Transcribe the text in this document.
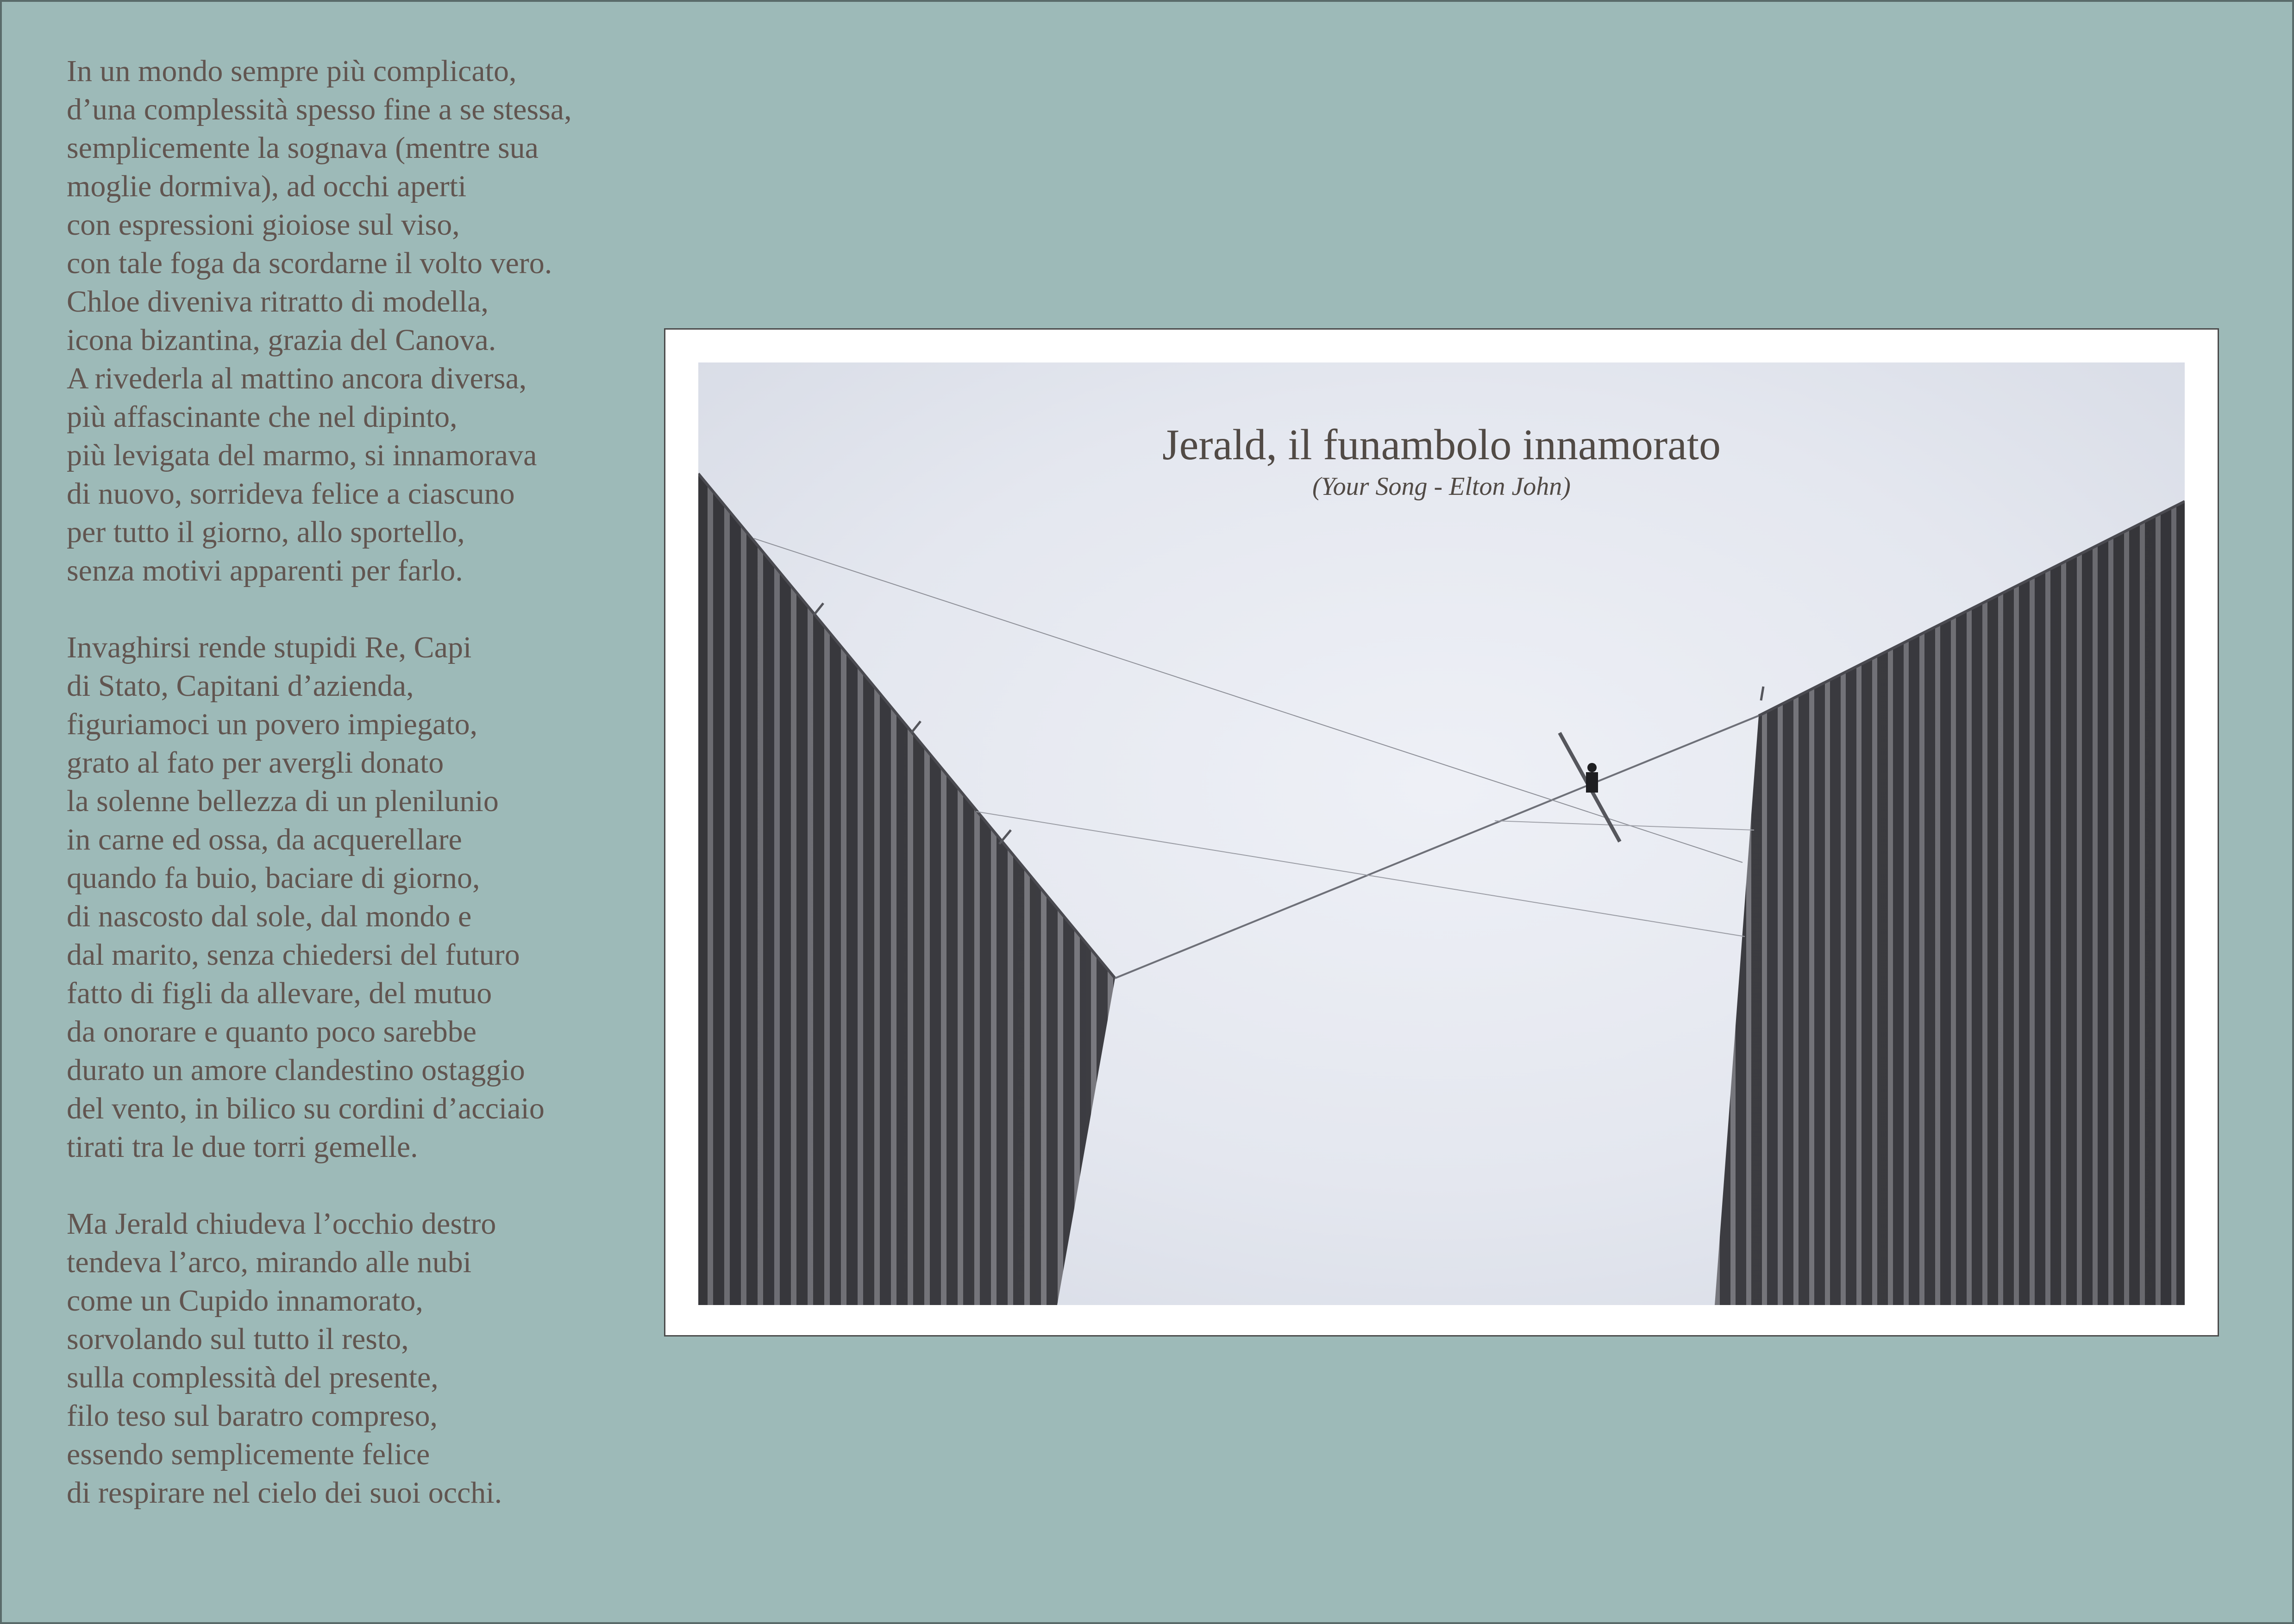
In un mondo sempre più complicato,
d’una complessità spesso fine a se stessa,
semplicemente la sognava (mentre sua
moglie dormiva), ad occhi aperti
con espressioni gioiose sul viso,
con tale foga da scordarne il volto vero.
Chloe diveniva ritratto di modella,
icona bizantina, grazia del Canova.
A rivederla al mattino ancora diversa,
più affascinante che nel dipinto,
più levigata del marmo, si innamorava
di nuovo, sorrideva felice a ciascuno
per tutto il giorno, allo sportello,
senza motivi apparenti per farlo.
Invaghirsi rende stupidi Re, Capi
di Stato, Capitani d’azienda,
figuriamoci un povero impiegato,
grato al fato per avergli donato
la solenne bellezza di un plenilunio
in carne ed ossa, da acquerellare
quando fa buio, baciare di giorno,
di nascosto dal sole, dal mondo e
dal marito, senza chiedersi del futuro
fatto di figli da allevare, del mutuo
da onorare e quanto poco sarebbe
durato un amore clandestino ostaggio
del vento, in bilico su cordini d’acciaio
tirati tra le due torri gemelle.
Ma Jerald chiudeva l’occhio destro
tendeva l’arco, mirando alle nubi
come un Cupido innamorato,
sorvolando sul tutto il resto,
sulla complessità del presente,
filo teso sul baratro compreso,
essendo semplicemente felice
di respirare nel cielo dei suoi occhi.
Jerald, il funambolo innamorato
(Your Song - Elton John)
